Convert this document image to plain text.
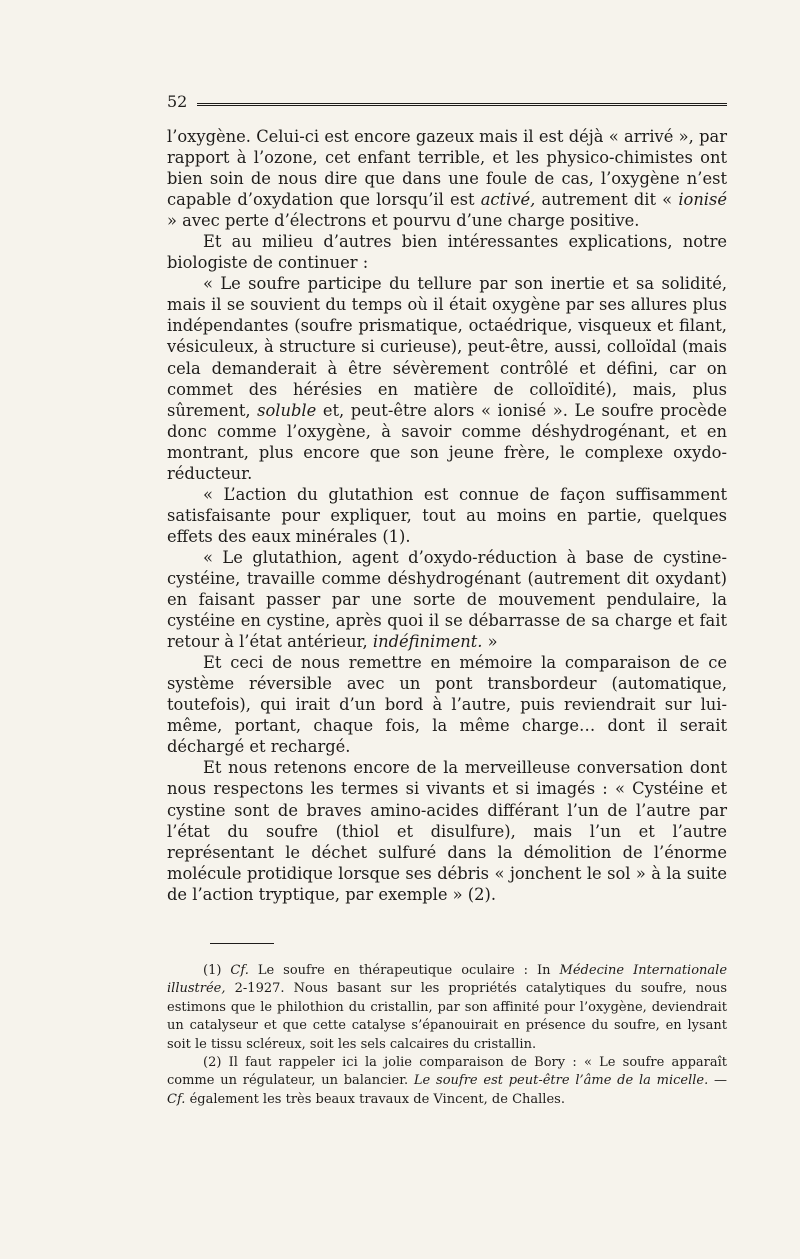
52

l’oxygène. Celui-ci est encore gazeux mais il est déjà « arrivé », par rapport à l’ozone, cet enfant terrible, et les physico-chimistes ont bien soin de nous dire que dans une foule de cas, l’oxygène n’est capable d’oxydation que lorsqu’il est activé, autrement dit « ionisé » avec perte d’électrons et pourvu d’une charge positive.

Et au milieu d’autres bien intéressantes explications, notre biologiste de continuer :

« Le soufre participe du tellure par son inertie et sa solidité, mais il se souvient du temps où il était oxygène par ses allures plus indépendantes (soufre prismatique, octaédrique, visqueux et filant, vésiculeux, à structure si curieuse), peut-être, aussi, colloïdal (mais cela demanderait à être sévèrement contrôlé et défini, car on commet des hérésies en matière de colloïdité), mais, plus sûrement, soluble et, peut-être alors « ionisé ». Le soufre procède donc comme l’oxygène, à savoir comme déshydrogénant, et en montrant, plus encore que son jeune frère, le complexe oxydo-réducteur.

« L’action du glutathion est connue de façon suffisamment satisfaisante pour expliquer, tout au moins en partie, quelques effets des eaux minérales (1).

« Le glutathion, agent d’oxydo-réduction à base de cystine-cystéine, travaille comme déshydrogénant (autrement dit oxydant) en faisant passer par une sorte de mouvement pendulaire, la cystéine en cystine, après quoi il se débarrasse de sa charge et fait retour à l’état antérieur, indéfiniment. »

Et ceci de nous remettre en mémoire la comparaison de ce système réversible avec un pont transbordeur (automatique, toutefois), qui irait d’un bord à l’autre, puis reviendrait sur lui-même, portant, chaque fois, la même charge… dont il serait déchargé et rechargé.

Et nous retenons encore de la merveilleuse conversation dont nous respectons les termes si vivants et si imagés : « Cystéine et cystine sont de braves amino-acides différant l’un de l’autre par l’état du soufre (thiol et disulfure), mais l’un et l’autre représentant le déchet sulfuré dans la démolition de l’énorme molécule protidique lorsque ses débris « jonchent le sol » à la suite de l’action tryptique, par exemple » (2).

(1) Cf. Le soufre en thérapeutique oculaire : In Médecine Internationale illustrée, 2-1927. Nous basant sur les propriétés catalytiques du soufre, nous estimons que le philothion du cristallin, par son affinité pour l’oxygène, deviendrait un catalyseur et que cette catalyse s’épanouirait en présence du soufre, en lysant soit le tissu scléreux, soit les sels calcaires du cristallin.

(2) Il faut rappeler ici la jolie comparaison de Bory : « Le soufre apparaît comme un régulateur, un balancier. Le soufre est peut-être l’âme de la micelle. — Cf. également les très beaux travaux de Vincent, de Challes.
